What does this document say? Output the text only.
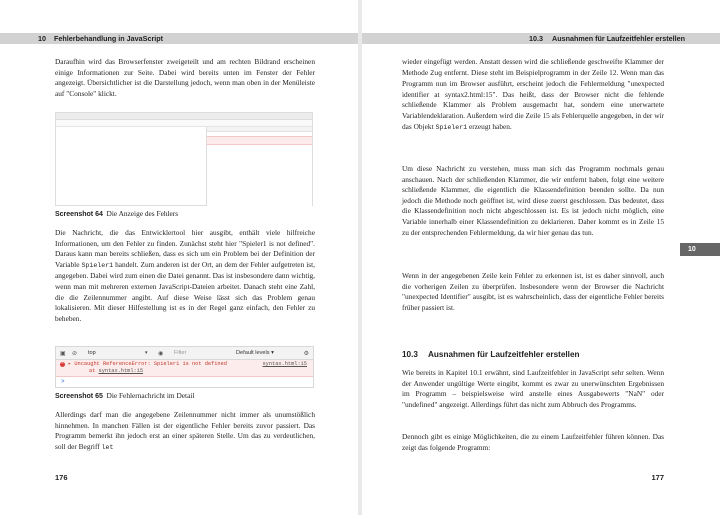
10 Fehlerbehandlung in JavaScript

Daraufhin wird das Browserfenster zweigeteilt und am rechten Bildrand erscheinen einige Informationen zur Seite. Dabei wird bereits unten im Fenster der Fehler angezeigt. Übersichtlicher ist die Darstellung jedoch, wenn man oben in der Menüleiste auf "Console" klickt.

Screenshot 64 Die Anzeige des Fehlers

Die Nachricht, die das Entwicklertool hier ausgibt, enthält viele hilfreiche Informationen, um den Fehler zu finden. Zunächst steht hier "Spieler1 is not defined". Daraus kann man bereits schließen, dass es sich um ein Problem bei der Definition der Variable Spieler1 handelt. Zum anderen ist der Ort, an dem der Fehler aufgetreten ist, angegeben. Dabei wird zum einen die Datei genannt. Das ist insbesondere dann wichtig, wenn man mit mehreren externen JavaScript-Dateien arbeitet. Danach steht eine Zahl, die die Zeilennummer angibt. Auf diese Weise lässt sich das Problem genau lokalisieren. Mit dieser Hilfestellung ist es in der Regel ganz einfach, den Fehler zu beheben.

▣ ⊘ top	▼ ◉ Filter	Default levels ▾	⚙
× ▸ Uncaught ReferenceError: Spieler1 is not defined
at syntax.html:15
syntax.html:15
>
Screenshot 65 Die Fehlernachricht im Detail

Allerdings darf man die angegebene Zeilennummer nicht immer als unumstößlich hinnehmen. In manchen Fällen ist der eigentliche Fehler bereits zuvor passiert. Das Programm bemerkt ihn jedoch erst an einer späteren Stelle. Um das zu verdeutlichen, soll der Begriff let

176
10.3 Ausnahmen für Laufzeitfehler erstellen

wieder eingefügt werden. Anstatt dessen wird die schließende geschweifte Klammer der Methode Zug entfernt. Diese steht im Beispielprogramm in der Zeile 12. Wenn man das Programm nun im Browser ausführt, erscheint jedoch die Fehlermeldung "unexpected identifier at syntax2.html:15". Das heißt, dass der Browser nicht die fehlende schließende Klammer als Problem ausgemacht hat, sondern eine unerwartete Variablendeklaration. Außerdem wird die Zeile 15 als Fehlerquelle angegeben, in der wir das Objekt Spieler1 erzeugt haben.

Um diese Nachricht zu verstehen, muss man sich das Programm nochmals genau anschauen. Nach der schließenden Klammer, die wir entfernt haben, folgt eine weitere schließende Klammer, die eigentlich die Klassendefinition beenden sollte. Da nun jedoch die Methode noch geöffnet ist, wird diese zuerst geschlossen. Das bedeutet, dass die Klassendefinition noch nicht abgeschlossen ist. Es ist jedoch nicht möglich, eine Variable innerhalb einer Klassendefinition zu deklarieren. Daher kommt es in Zeile 15 zu der entsprechenden Fehlermeldung, da wir hier genau das tun.

Wenn in der angegebenen Zeile kein Fehler zu erkennen ist, ist es daher sinnvoll, auch die vorherigen Zeilen zu überprüfen. Insbesondere wenn der Browser die Nachricht "unexpected Identifier" ausgibt, ist es wahrscheinlich, dass der eigentliche Fehler bereits früher passiert ist.

10.3 Ausnahmen für Laufzeitfehler erstellen

Wie bereits in Kapitel 10.1 erwähnt, sind Laufzeitfehler in JavaScript sehr selten. Wenn der Anwender ungültige Werte eingibt, kommt es zwar zu unerwünschten Ergebnissen im Programm – beispielsweise wird anstelle eines Ausgabewerts "NaN" oder "undefined" angezeigt. Allerdings führt das nicht zum Abbruch des Programms.

Dennoch gibt es einige Möglichkeiten, die zu einem Laufzeitfehler führen können. Das zeigt das folgende Programm:

10
177
